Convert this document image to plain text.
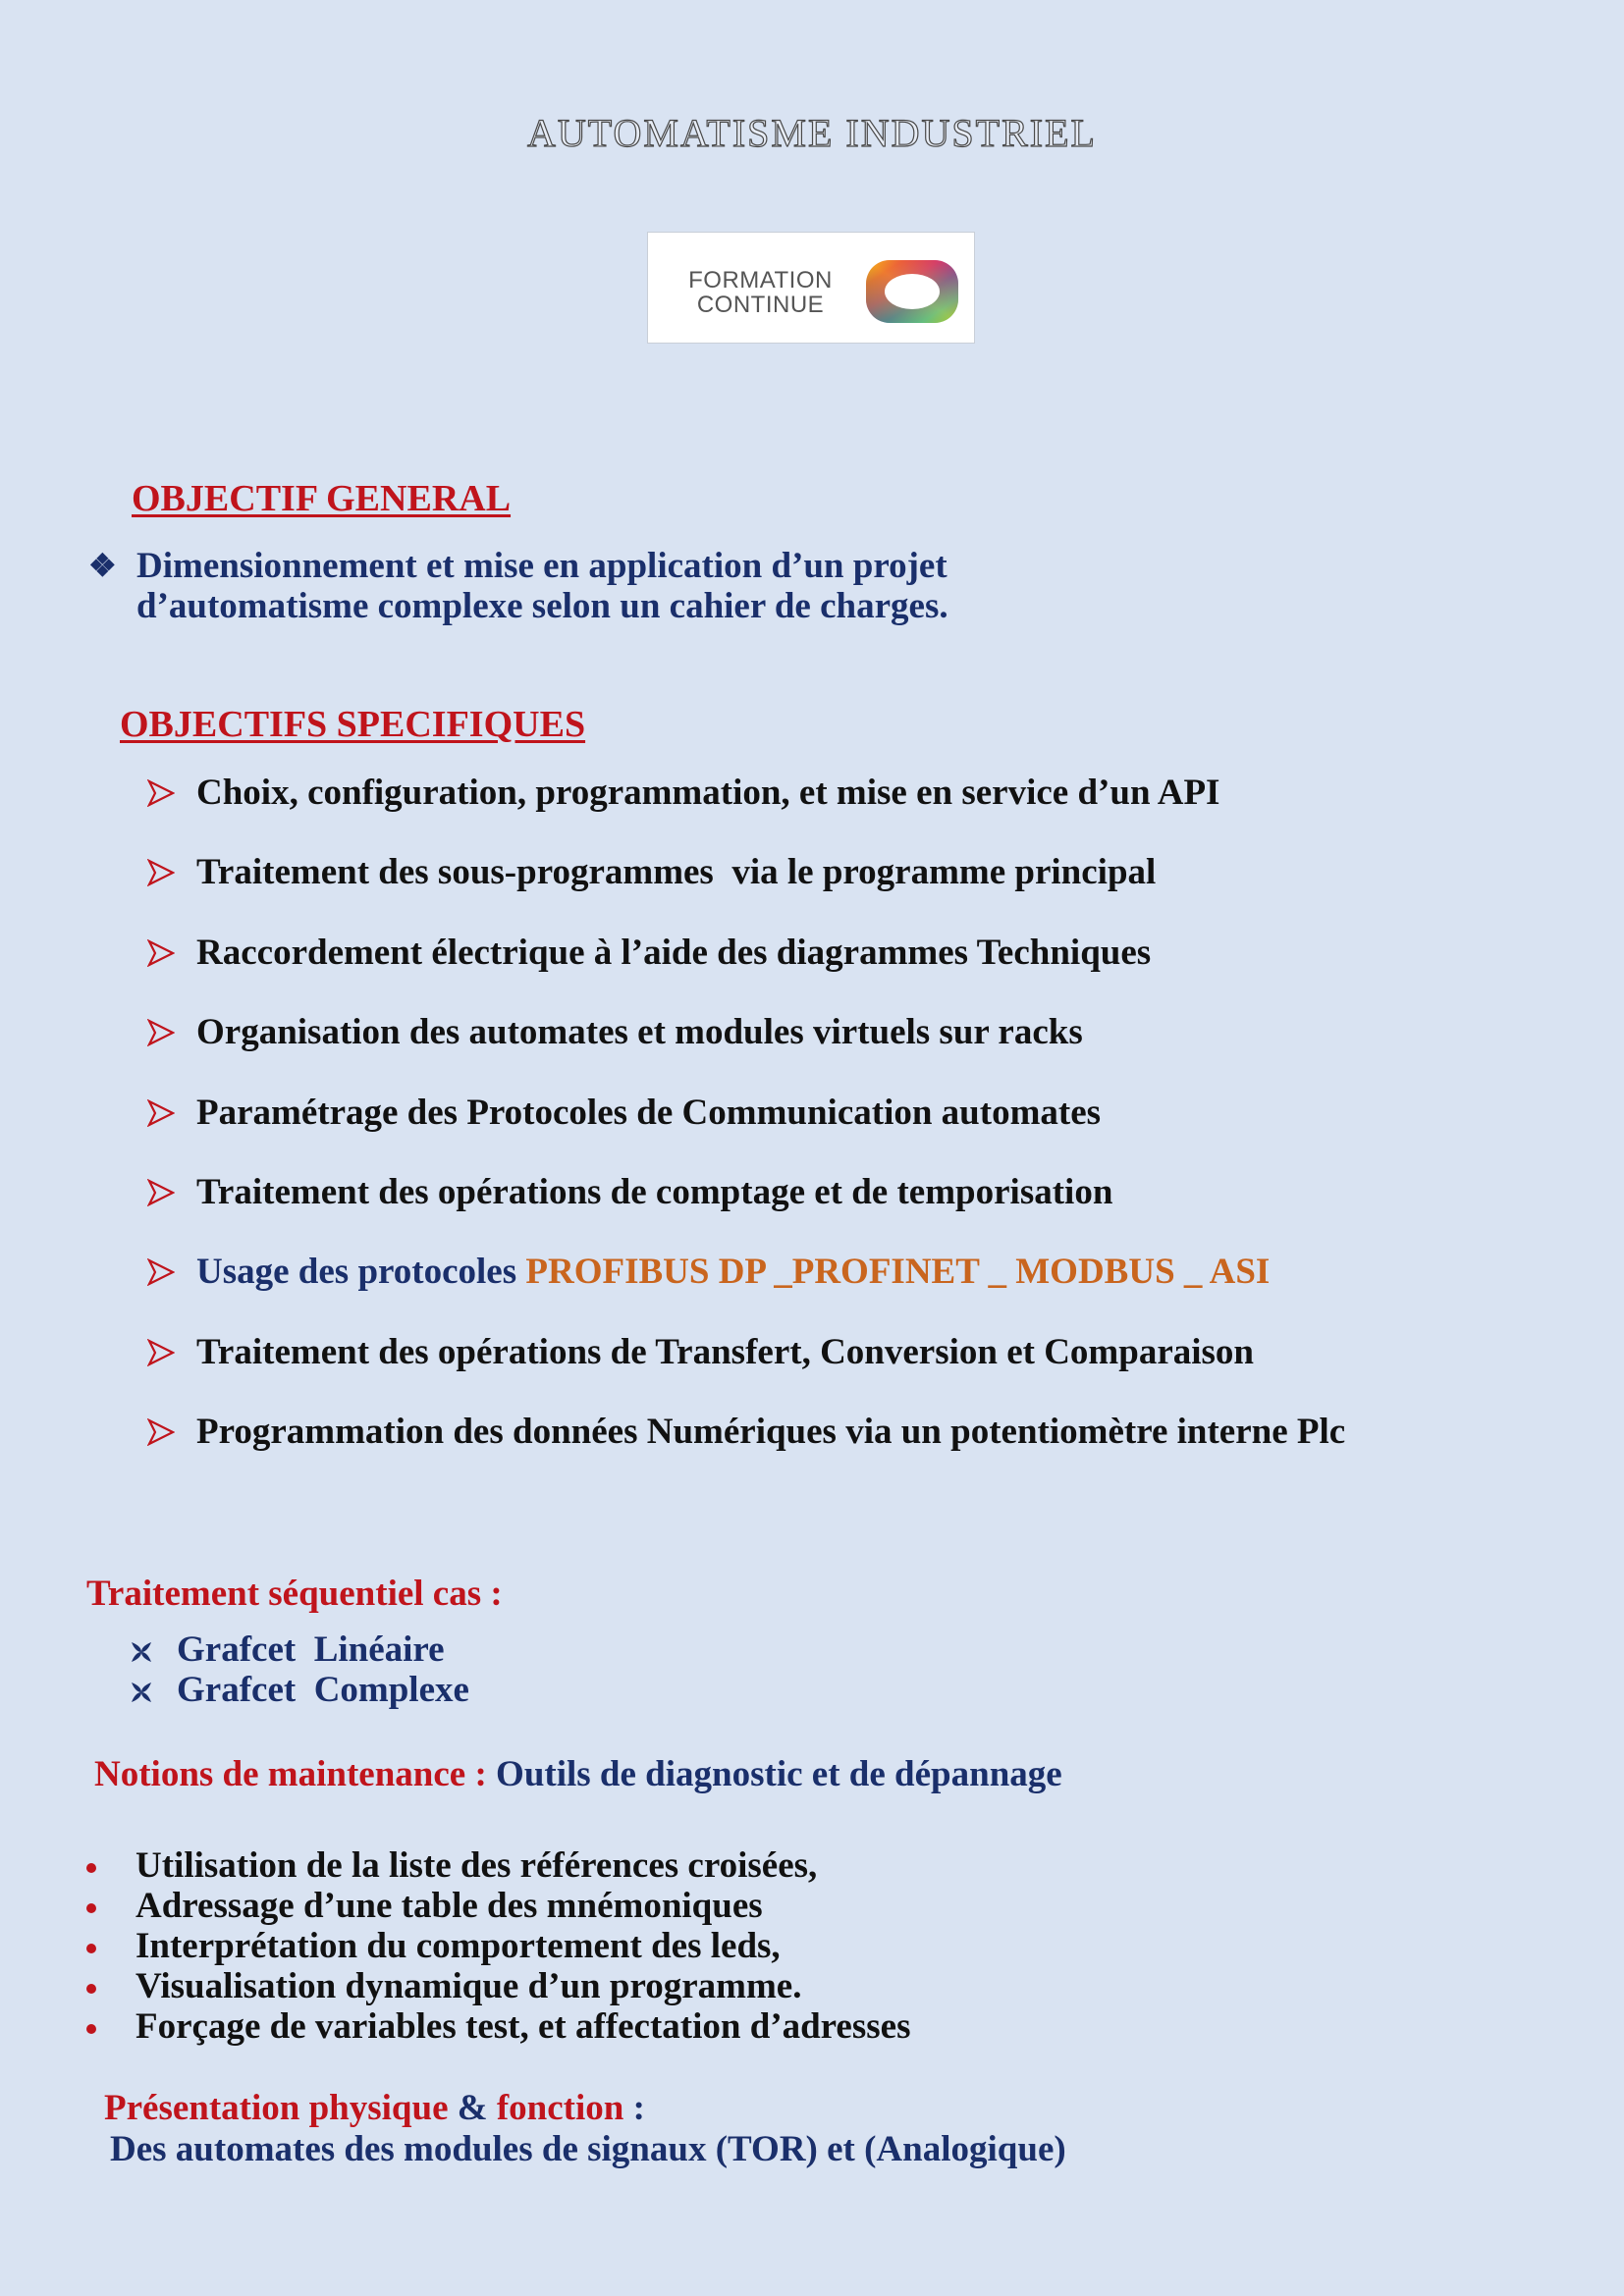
AUTOMATISME INDUSTRIEL
FORMATION
CONTINUE
OBJECTIF GENERAL
❖ Dimensionnement et mise en application d’un projet
d’automatisme complexe selon un cahier de charges.
OBJECTIFS SPECIFIQUES
Choix, configuration, programmation, et mise en service d’un API
Traitement des sous-programmes  via le programme principal
Raccordement électrique à l’aide des diagrammes Techniques
Organisation des automates et modules virtuels sur racks
Paramétrage des Protocoles de Communication automates
Traitement des opérations de comptage et de temporisation
Usage des protocoles PROFIBUS DP _PROFINET _ MODBUS _ ASI
Traitement des opérations de Transfert, Conversion et Comparaison
Programmation des données Numériques via un potentiomètre interne Plc
Traitement séquentiel cas :
Grafcet  Linéaire
Grafcet  Complexe
Notions de maintenance : Outils de diagnostic et de dépannage
Utilisation de la liste des références croisées,
Adressage d’une table des mnémoniques
Interprétation du comportement des leds,
Visualisation dynamique d’un programme.
Forçage de variables test, et affectation d’adresses
Présentation physique & fonction :
Des automates des modules de signaux (TOR) et (Analogique)
